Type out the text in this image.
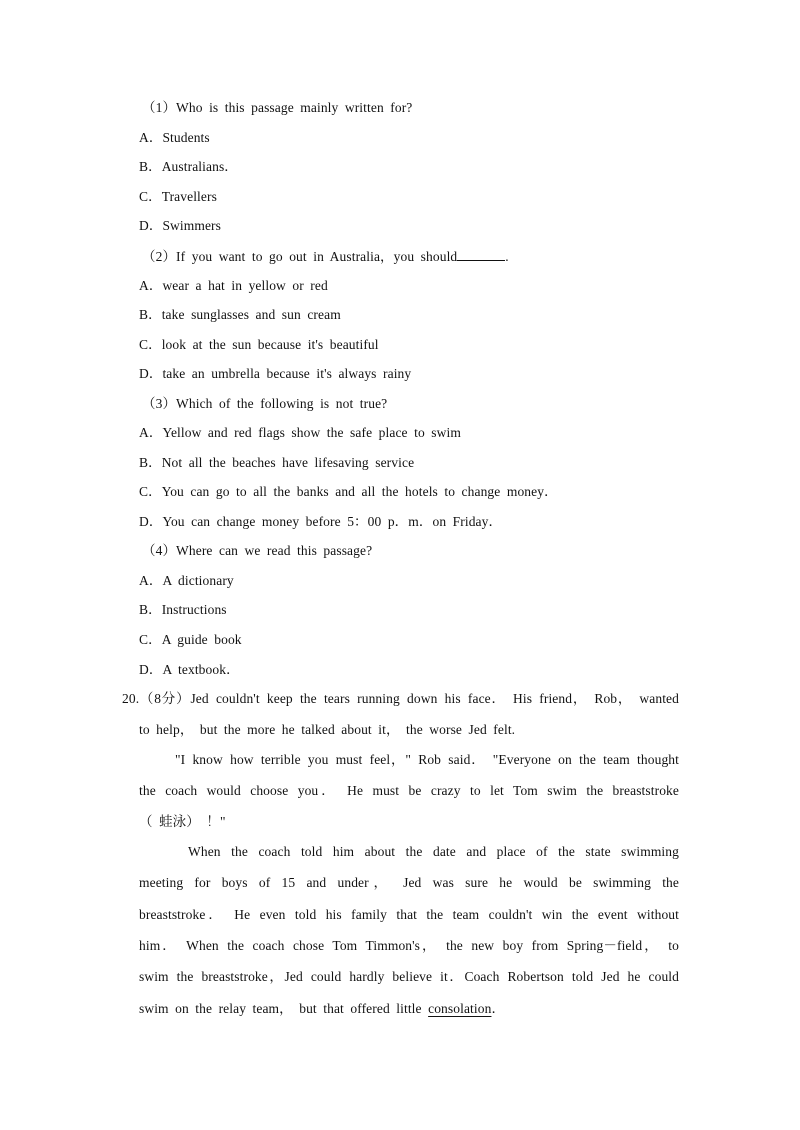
（1）Who is this passage mainly written for?
A．Students
B．Australians．
C．Travellers
D．Swimmers
（2）If you want to go out in Australia，you should	.
A．wear a hat in yellow or red
B．take sunglasses and sun cream
C．look at the sun because it's beautiful
D．take an umbrella because it's always rainy
（3）Which of the following is not true?
A．Yellow and red flags show the safe place to swim
B．Not all the beaches have lifesaving service
C．You can go to all the banks and all the hotels to change money．
D．You can change money before 5：00 p．m．on Friday．
（4）Where can we read this passage?
A．A dictionary
B．Instructions
C．A guide book
D．A textbook．
20.（8分）Jed couldn't keep the tears running down his face． His friend， Rob， wanted
to help， but the more he talked about it， the worse Jed felt.
"I know how terrible you must feel，" Rob said． "Everyone on the team thought
the coach would choose you． He must be crazy to let Tom swim the breaststroke
（ 蛙泳） ！"
When the coach told him about the date and place of the state swimming
meeting for boys of 15 and under， Jed was sure he would be swimming the
breaststroke． He even told his family that the team couldn't win the event without
him． When the coach chose Tom Timmon's， the new boy from Spring－field， to
swim the breaststroke，Jed could hardly believe it．Coach Robertson told Jed he could
swim on the relay team， but that offered little consolation．
